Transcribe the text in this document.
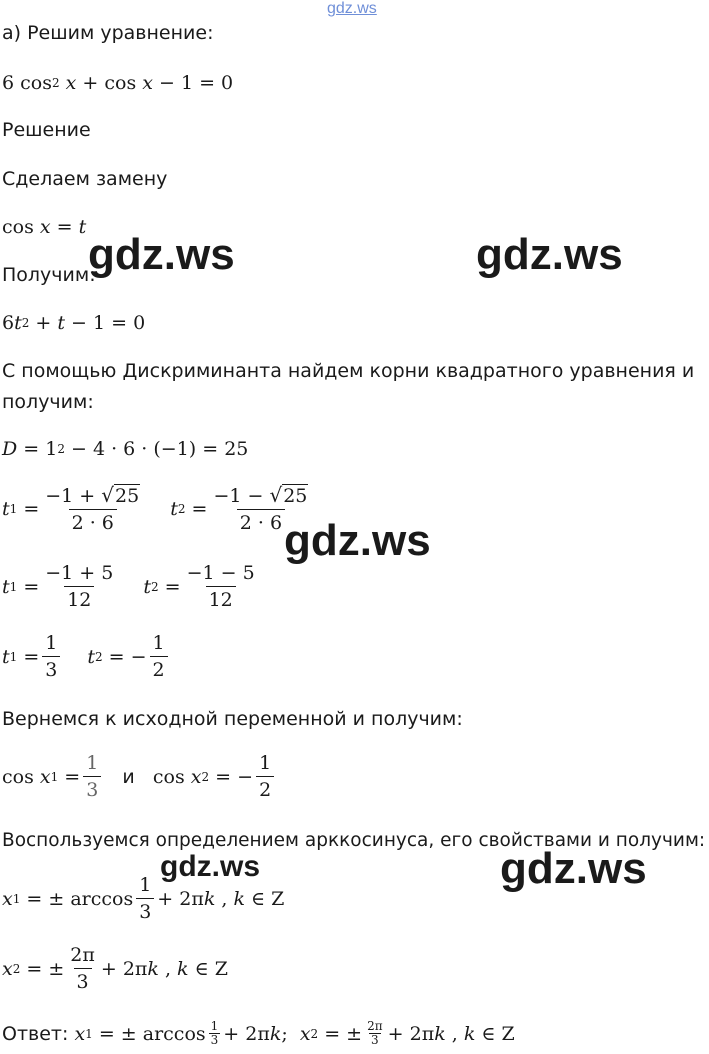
gdz.ws
а) Решим уравнение:
6 cos 2
x + cos x − 1 = 0
Решение
Сделаем замену
cos x = t
Получим:
6 t 2 + t − 1 = 0
С помощью Дискриминанта найдем корни квадратного уравнения и
получим:
D = 1 2 − 4 · 6 · (−1) = 25
t $1 = \frac{-1 + √ 25}{2 \cdot 6}$ t $2 = \frac{-1 - √ 25}{2 \cdot 6}$
t $1 = \frac{-1 + 5}{12}$ t $2 = \frac{-1 - 5}{12}$
t $1 = \frac{1}{3}$ t 2 = − $\frac{1}{2}$
Вернемся к исходной переменной и получим:
cos x $1 = \frac{1}{3}$
и cos x 2 = − $\frac{1}{2}$
Воспользуемся определением арккосинуса, его свойствами и получим:
x 1 = ± $\arccos \frac{1}{3} + 2\pi$ k , k ∈ Z
x 2 = ± $\frac{2\pi}{3} + 2\pi$ k , k ∈ Z
Ответ:
x 1 = ± $\arccos \frac{1}{3} + 2\pi$ k ; x 2 = ± $\frac{2\pi}{3} + 2\pi$ k , k ∈ Z
gdz.ws	gdz.ws
gdz.ws
gdz.ws	gdz.ws
